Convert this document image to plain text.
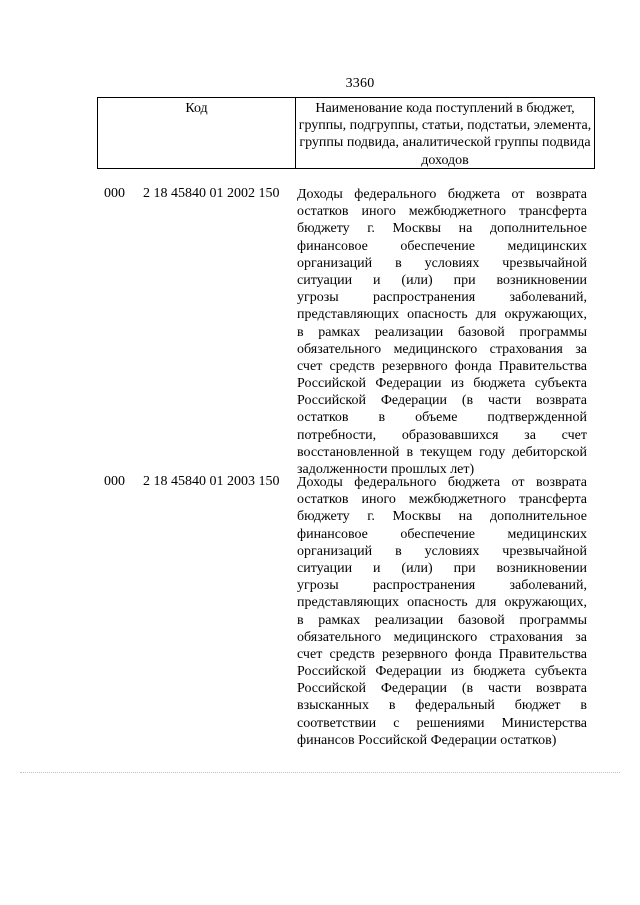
3360
Код	Наименование кода поступлений в бюджет, группы, подгруппы, статьи, подстатьи, элемента, группы подвида, аналитической группы подвида доходов
000 2 18 45840 01 2002 150 Доходы федерального бюджета от возврата
остатков иного межбюджетного трансферта
бюджету г. Москвы на дополнительное
финансовое обеспечение медицинских
организаций в условиях чрезвычайной
ситуации и (или) при возникновении
угрозы распространения заболеваний,
представляющих опасность для окружающих,
в рамках реализации базовой программы
обязательного медицинского страхования за
счет средств резервного фонда Правительства
Российской Федерации из бюджета субъекта
Российской Федерации (в части возврата
остатков в объеме подтвержденной
потребности, образовавшихся за счет
восстановленной в текущем году дебиторской
задолженности прошлых лет)
000 2 18 45840 01 2003 150 Доходы федерального бюджета от возврата
остатков иного межбюджетного трансферта
бюджету г. Москвы на дополнительное
финансовое обеспечение медицинских
организаций в условиях чрезвычайной
ситуации и (или) при возникновении
угрозы распространения заболеваний,
представляющих опасность для окружающих,
в рамках реализации базовой программы
обязательного медицинского страхования за
счет средств резервного фонда Правительства
Российской Федерации из бюджета субъекта
Российской Федерации (в части возврата
взысканных в федеральный бюджет в
соответствии с решениями Министерства
финансов Российской Федерации остатков)
